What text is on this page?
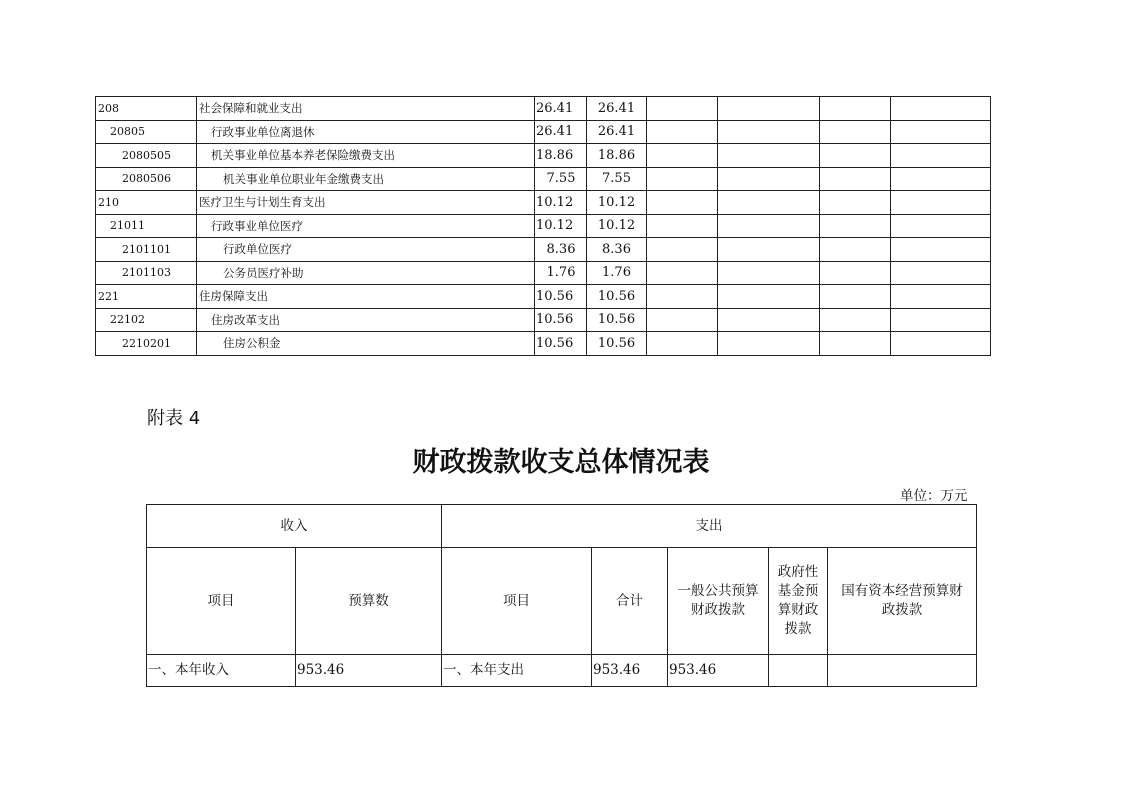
208	社会保障和就业支出	26.41	26.41				
20805	行政事业单位离退休	26.41	26.41				
2080505	机关事业单位基本养老保险缴费支出	18.86	18.86				
2080506	机关事业单位职业年金缴费支出	7.55	7.55				
210	医疗卫生与计划生育支出	10.12	10.12				
21011	行政事业单位医疗	10.12	10.12				
2101101	行政单位医疗	8.36	8.36				
2101103	公务员医疗补助	1.76	1.76				
221	住房保障支出	10.56	10.56				
22102	住房改革支出	10.56	10.56				
2210201	住房公积金	10.56	10.56				
附表 4
财政拨款收支总体情况表
单位：万元
收入		支出				
项目	预算数	项目	合计	一般公共预算财政拨款	政府性基金预算财政拨款	国有资本经营预算财政拨款
一、本年收入	953.46	一、本年支出	953.46	953.46		
